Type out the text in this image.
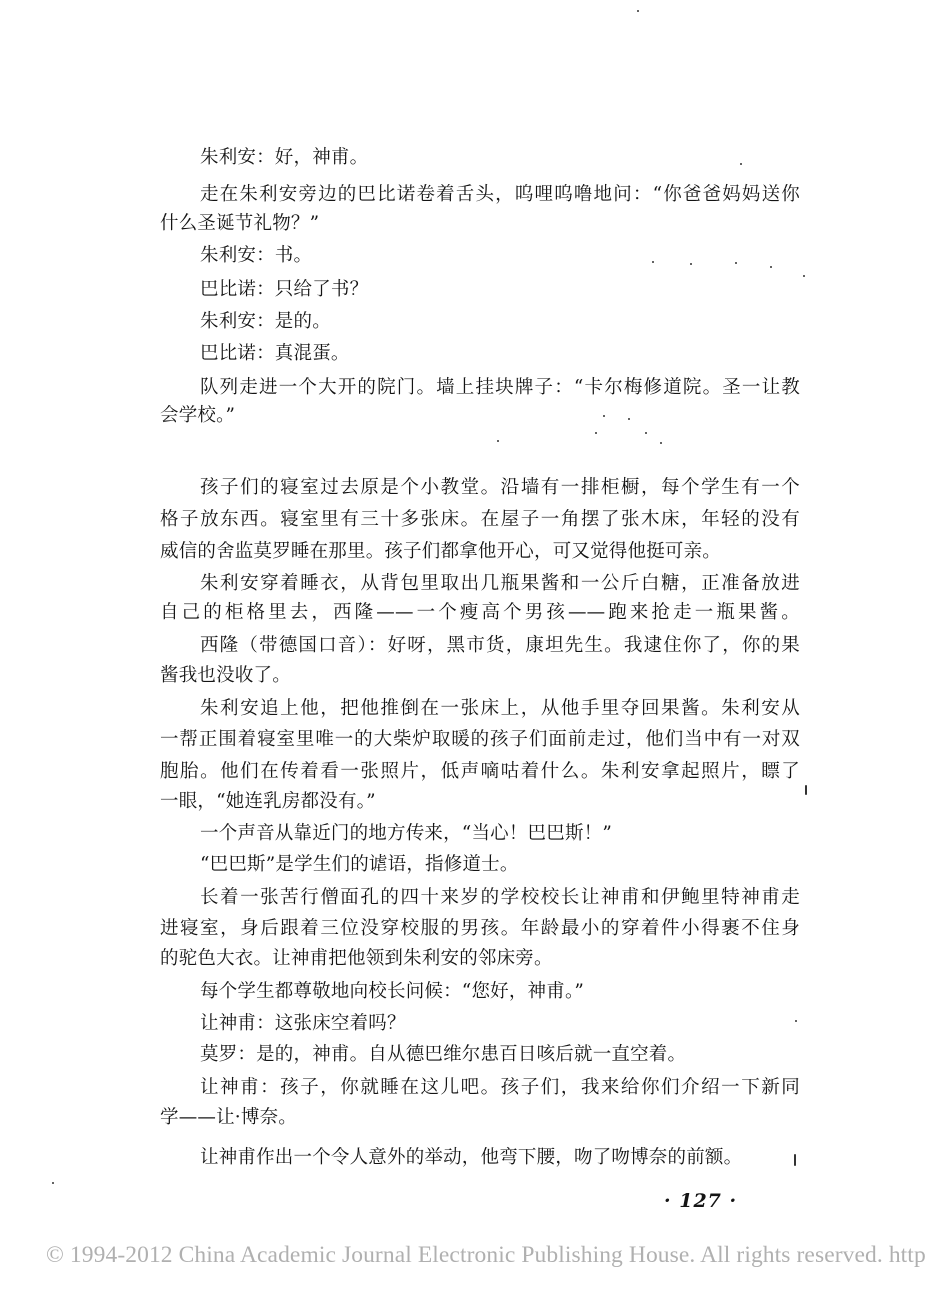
朱利安：好，神甫。
走在朱利安旁边的巴比诺卷着舌头，呜哩呜噜地问：“你爸爸妈妈送你
什么圣诞节礼物？”
朱利安：书。
巴比诺：只给了书？
朱利安：是的。
巴比诺：真混蛋。
队列走进一个大开的院门。墙上挂块牌子：“卡尔梅修道院。圣一让教
会学校。”
孩子们的寝室过去原是个小教堂。沿墙有一排柜橱，每个学生有一个
格子放东西。寝室里有三十多张床。在屋子一角摆了张木床，年轻的没有
威信的舍监莫罗睡在那里。孩子们都拿他开心，可又觉得他挺可亲。
朱利安穿着睡衣，从背包里取出几瓶果酱和一公斤白糖，正准备放进
自己的柜格里去，西隆——一个瘦高个男孩——跑来抢走一瓶果酱。
西隆（带德国口音）：好呀，黑市货，康坦先生。我逮住你了，你的果
酱我也没收了。
朱利安追上他，把他推倒在一张床上，从他手里夺回果酱。朱利安从
一帮正围着寝室里唯一的大柴炉取暖的孩子们面前走过，他们当中有一对双
胞胎。他们在传着看一张照片，低声嘀咕着什么。朱利安拿起照片，瞟了
一眼，“她连乳房都没有。”
一个声音从靠近门的地方传来，“当心！巴巴斯！”
“巴巴斯”是学生们的谑语，指修道士。
长着一张苦行僧面孔的四十来岁的学校校长让神甫和伊鲍里特神甫走
进寝室，身后跟着三位没穿校服的男孩。年龄最小的穿着件小得裹不住身
的驼色大衣。让神甫把他领到朱利安的邻床旁。
每个学生都尊敬地向校长问候：“您好，神甫。”
让神甫：这张床空着吗？
莫罗：是的，神甫。自从德巴维尔患百日咳后就一直空着。
让神甫：孩子，你就睡在这儿吧。孩子们，我来给你们介绍一下新同
学——让·博奈。
让神甫作出一个令人意外的举动，他弯下腰，吻了吻博奈的前额。
· 127 ·
© 1994-2012 China Academic Journal Electronic Publishing House. All rights reserved. http
